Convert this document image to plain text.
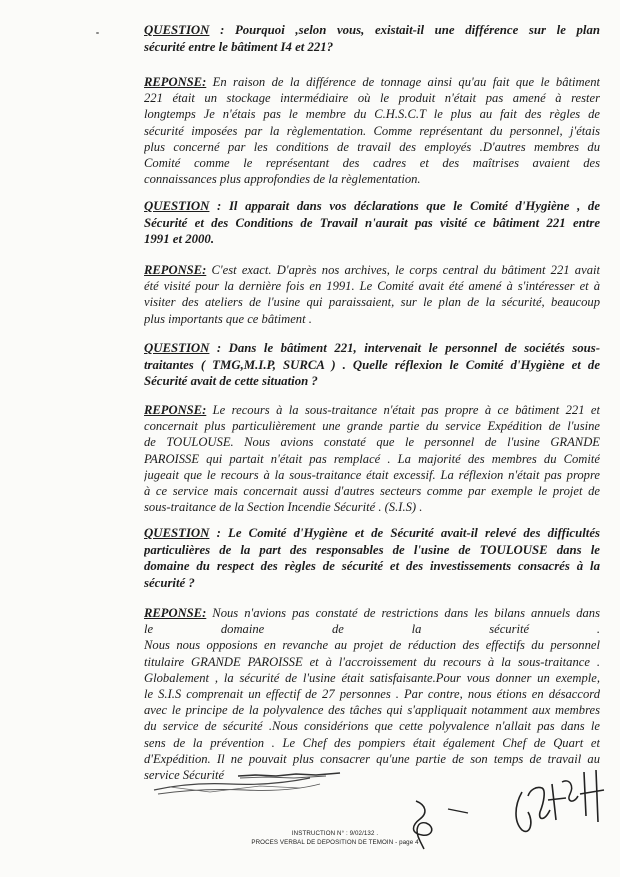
QUESTION : Pourquoi ,selon vous, existait-il une différence sur le plan
sécurité entre le bâtiment I4 et 221?
REPONSE: En raison de la différence de tonnage ainsi qu'au fait que le bâtiment
221 était un stockage intermédiaire où le produit n'était pas amené à rester
longtemps Je n'étais pas le membre du C.H.S.C.T le plus au fait des règles de
sécurité imposées par la règlementation. Comme représentant du personnel, j'étais
plus concerné par les conditions de travail des employés .D'autres membres du
Comité comme le représentant des cadres et des maîtrises avaient des
connaissances plus approfondies de la règlementation.
QUESTION : Il apparait dans vos déclarations que le Comité d'Hygiène , de
Sécurité et des Conditions de Travail n'aurait pas visité ce bâtiment 221 entre
1991 et 2000.
REPONSE: C'est exact. D'après nos archives, le corps central du bâtiment 221 avait
été visité pour la dernière fois en 1991. Le Comité avait été amené à s'intéresser et à
visiter des ateliers de l'usine qui paraissaient, sur le plan de la sécurité, beaucoup
plus importants que ce bâtiment .
QUESTION : Dans le bâtiment 221, intervenait le personnel de sociétés sous-
traitantes ( TMG,M.I.P, SURCA ) . Quelle réflexion le Comité d'Hygiène et de
Sécurité avait de cette situation ?
REPONSE: Le recours à la sous-traitance n'était pas propre à ce bâtiment 221 et
concernait plus particulièrement une grande partie du service Expédition de l'usine
de TOULOUSE. Nous avions constaté que le personnel de l'usine GRANDE
PAROISSE qui partait n'était pas remplacé . La majorité des membres du Comité
jugeait que le recours à la sous-traitance était excessif. La réflexion n'était pas propre
à ce service mais concernait aussi d'autres secteurs comme par exemple le projet de
sous-traitance de la Section Incendie Sécurité . (S.I.S) .
QUESTION : Le Comité d'Hygiène et de Sécurité avait-il relevé des difficultés
particulières de la part des responsables de l'usine de TOULOUSE dans le
domaine du respect des règles de sécurité et des investissements consacrés à la
sécurité ?
REPONSE: Nous n'avions pas constaté de restrictions dans les bilans annuels dans
le domaine de la sécurité .
Nous nous opposions en revanche au projet de réduction des effectifs du personnel
titulaire GRANDE PAROISSE et à l'accroissement du recours à la sous-traitance .
Globalement , la sécurité de l'usine était satisfaisante.Pour vous donner un exemple,
le S.I.S comprenait un effectif de 27 personnes . Par contre, nous étions en désaccord
avec le principe de la polyvalence des tâches qui s'appliquait notamment aux membres
du service de sécurité .Nous considérions que cette polyvalence n'allait pas dans le
sens de la prévention . Le Chef des pompiers était également Chef de Quart et
d'Expédition. Il ne pouvait plus consacrer qu'une partie de son temps de travail au
service Sécurité
INSTRUCTION N° : 9/02/132 .
PROCES VERBAL DE DEPOSITION DE TEMOIN - page 4
